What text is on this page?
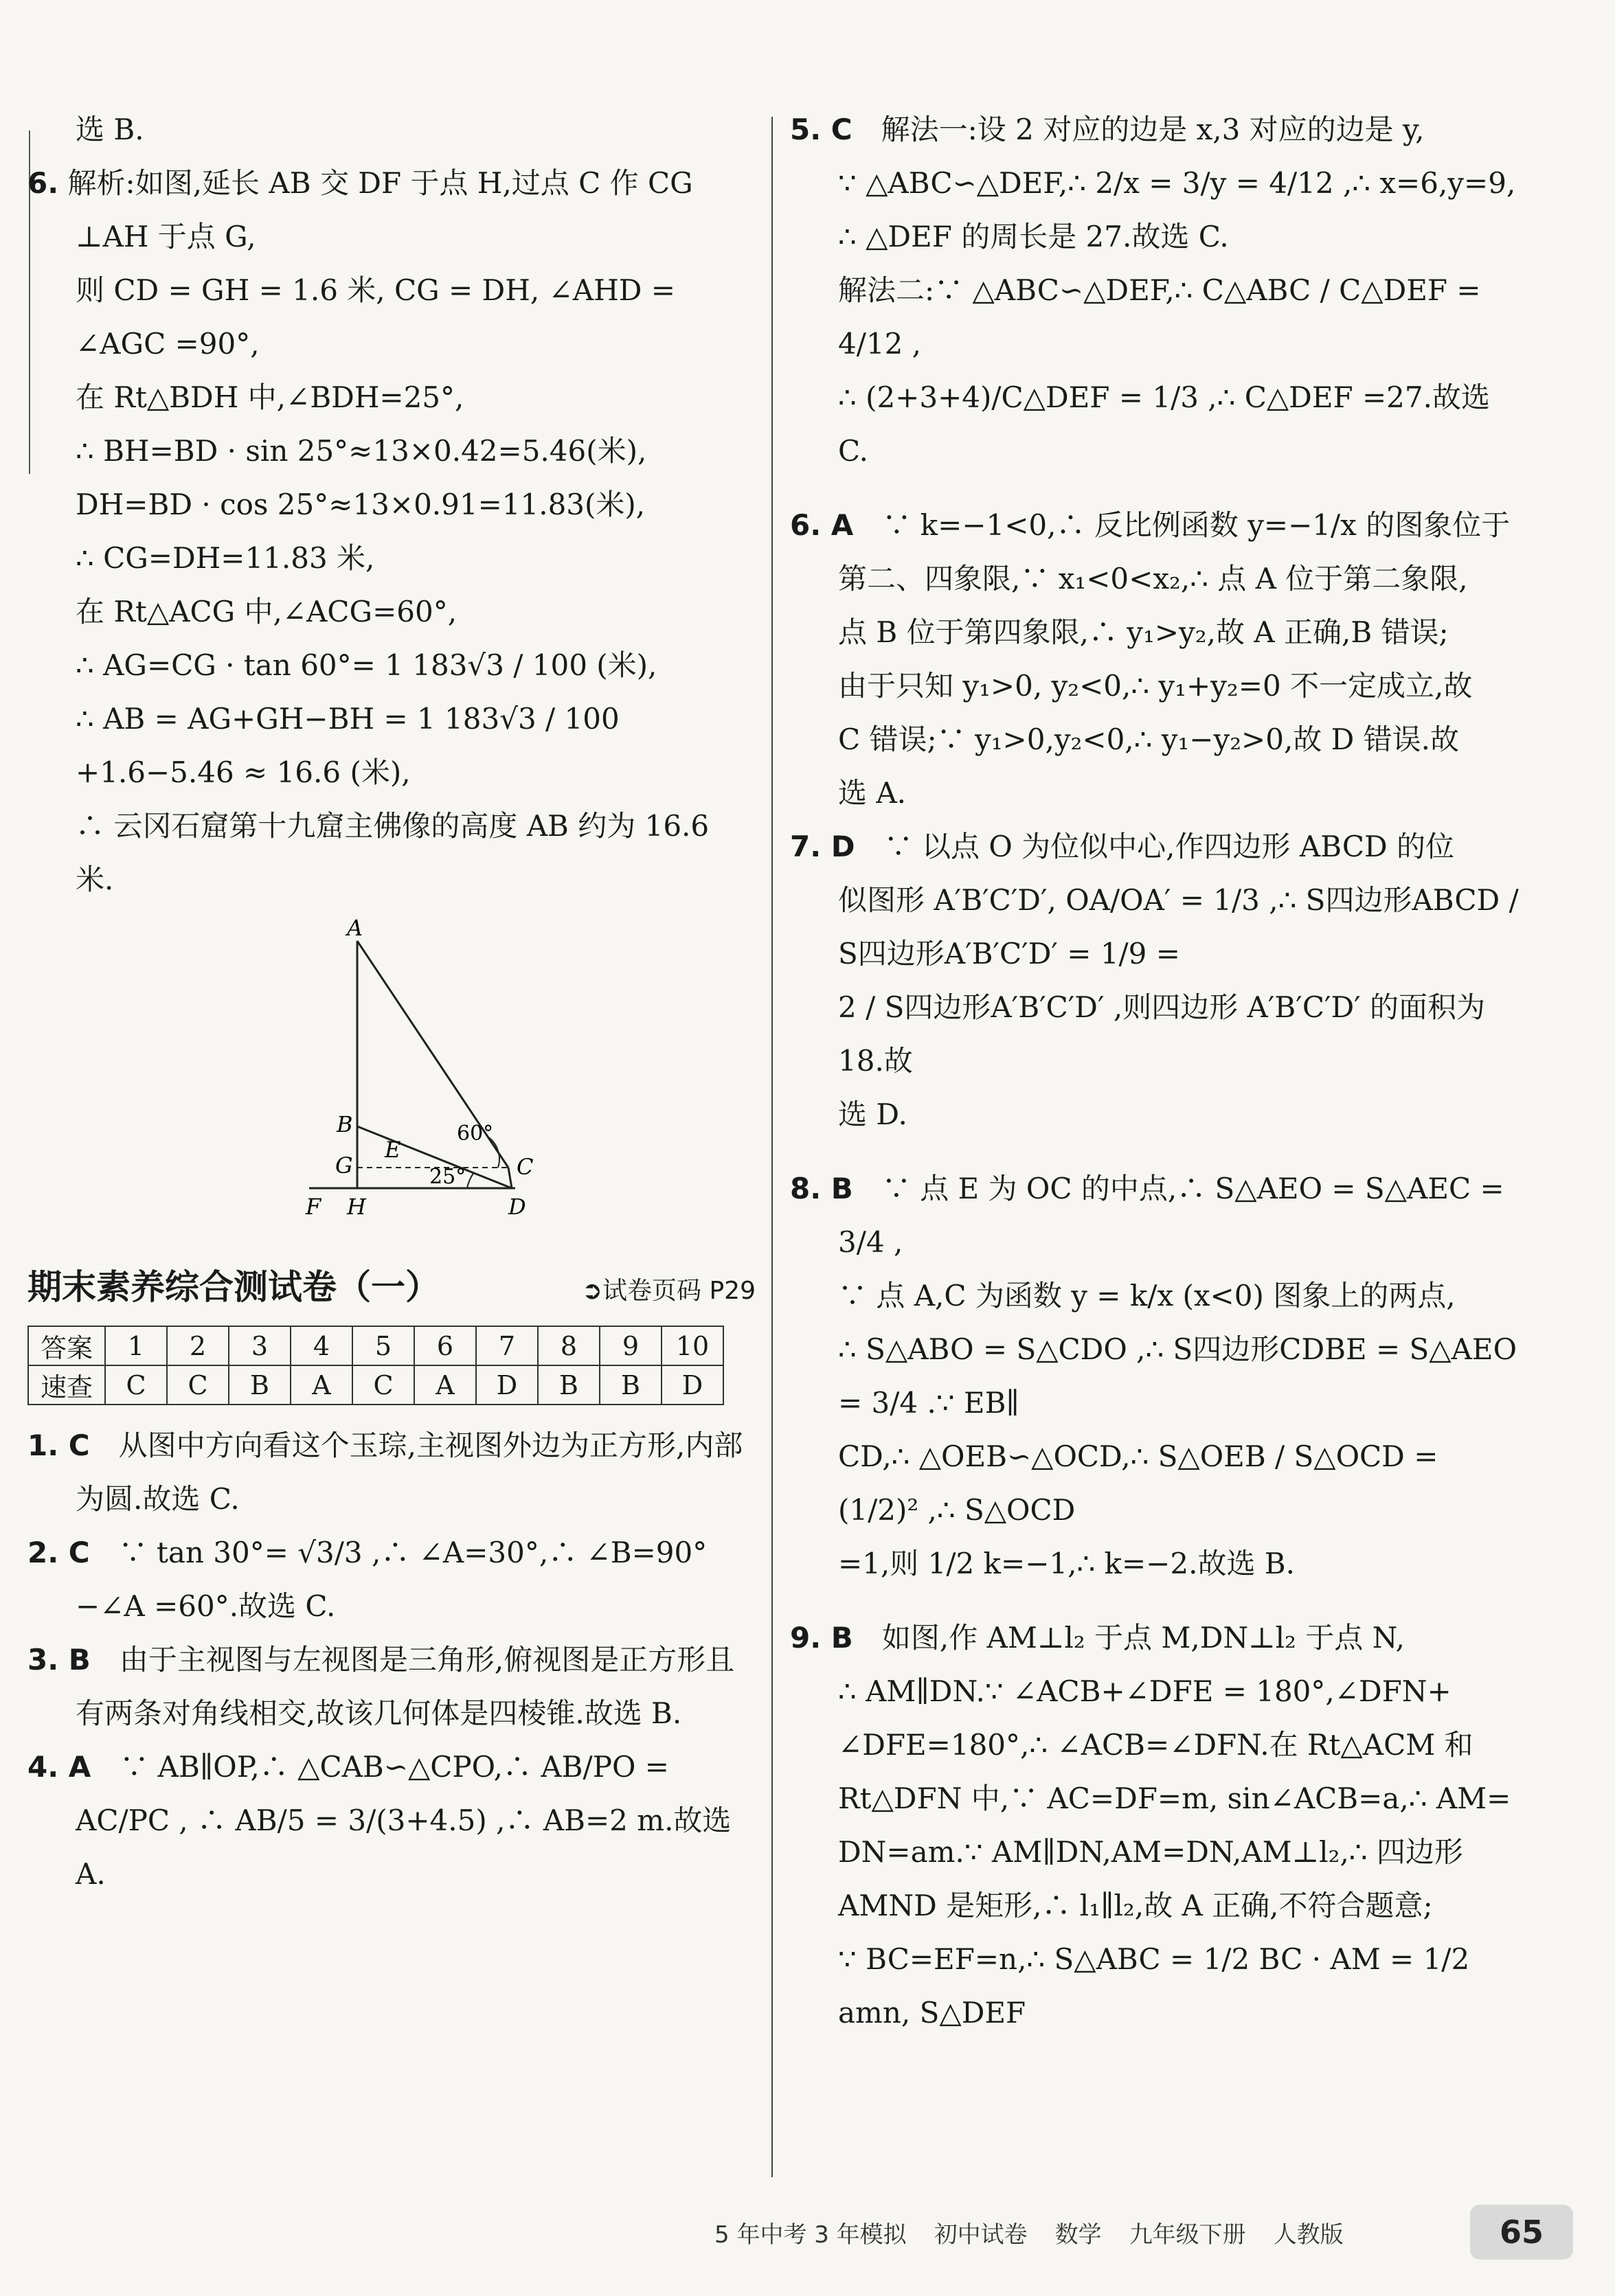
选 B.

6. 解析:如图,延长 AB 交 DF 于点 H,过点 C 作 CG ⊥AH 于点 G,

则 CD = GH = 1.6 米, CG = DH, ∠AHD = ∠AGC =90°,

在 Rt△BDH 中,∠BDH=25°,

∴ BH=BD · sin 25°≈13×0.42=5.46(米),

DH=BD · cos 25°≈13×0.91=11.83(米),

∴ CG=DH=11.83 米,

在 Rt△ACG 中,∠ACG=60°,

∴ AG=CG · tan 60°= 1 183√3 / 100 (米),

∴ AB = AG+GH−BH = 1 183√3 / 100 +1.6−5.46 ≈ 16.6 (米),

∴ 云冈石窟第十九窟主佛像的高度 AB 约为 16.6 米.

A
B
G
E
C
F H	D
60°
25°
期末素养综合测试卷（一）	➲试卷页码 P29
答案	1	2	3	4	5	6	7	8	9	10
速查	C	C	B	A	C	A	D	B	B	D

1. C　 从图中方向看这个玉琮,主视图外边为正方形,内部为圆.故选 C.

2. C　 ∵ tan 30°= √3/3 ,∴ ∠A=30°,∴ ∠B=90°−∠A =60°.故选 C.

3. B　 由于主视图与左视图是三角形,俯视图是正方形且有两条对角线相交,故该几何体是四棱锥.故选 B.

4. A　 ∵ AB∥OP,∴ △CAB∽△CPO,∴ AB/PO = AC/PC , ∴ AB/5 = 3/(3+4.5) ,∴ AB=2 m.故选 A.

5. C　 解法一:设 2 对应的边是 x,3 对应的边是 y,

∵ △ABC∽△DEF,∴ 2/x = 3/y = 4/12 ,∴ x=6,y=9,

∴ △DEF 的周长是 27.故选 C.

解法二:∵ △ABC∽△DEF,∴ C△ABC / C△DEF = 4/12 ,

∴ (2+3+4)/C△DEF = 1/3 ,∴ C△DEF =27.故选 C.

6. A　 ∵ k=−1<0,∴ 反比例函数 y=−1/x 的图象位于

第二、四象限,∵ x₁<0<x₂,∴ 点 A 位于第二象限,

点 B 位于第四象限,∴ y₁>y₂,故 A 正确,B 错误;

由于只知 y₁>0, y₂<0,∴ y₁+y₂=0 不一定成立,故

C 错误;∵ y₁>0,y₂<0,∴ y₁−y₂>0,故 D 错误.故

选 A.

7. D　 ∵ 以点 O 为位似中心,作四边形 ABCD 的位

似图形 A′B′C′D′, OA/OA′ = 1/3 ,∴ S四边形ABCD / S四边形A′B′C′D′ = 1/9 =

2 / S四边形A′B′C′D′ ,则四边形 A′B′C′D′ 的面积为 18.故

选 D.

8. B　 ∵ 点 E 为 OC 的中点,∴ S△AEO = S△AEC = 3/4 ,

∵ 点 A,C 为函数 y = k/x (x<0) 图象上的两点,

∴ S△ABO = S△CDO ,∴ S四边形CDBE = S△AEO = 3/4 .∵ EB∥

CD,∴ △OEB∽△OCD,∴ S△OEB / S△OCD = (1/2)² ,∴ S△OCD

=1,则 1/2 k=−1,∴ k=−2.故选 B.

9. B　 如图,作 AM⊥l₂ 于点 M,DN⊥l₂ 于点 N,

∴ AM∥DN.∵ ∠ACB+∠DFE = 180°,∠DFN+

∠DFE=180°,∴ ∠ACB=∠DFN.在 Rt△ACM 和

Rt△DFN 中,∵ AC=DF=m, sin∠ACB=a,∴ AM=

DN=am.∵ AM∥DN,AM=DN,AM⊥l₂,∴ 四边形

AMND 是矩形,∴ l₁∥l₂,故 A 正确,不符合题意;

∵ BC=EF=n,∴ S△ABC = 1/2 BC · AM = 1/2 amn, S△DEF

5 年中考 3 年模拟 初中试卷 数学 九年级下册 人教版	65
